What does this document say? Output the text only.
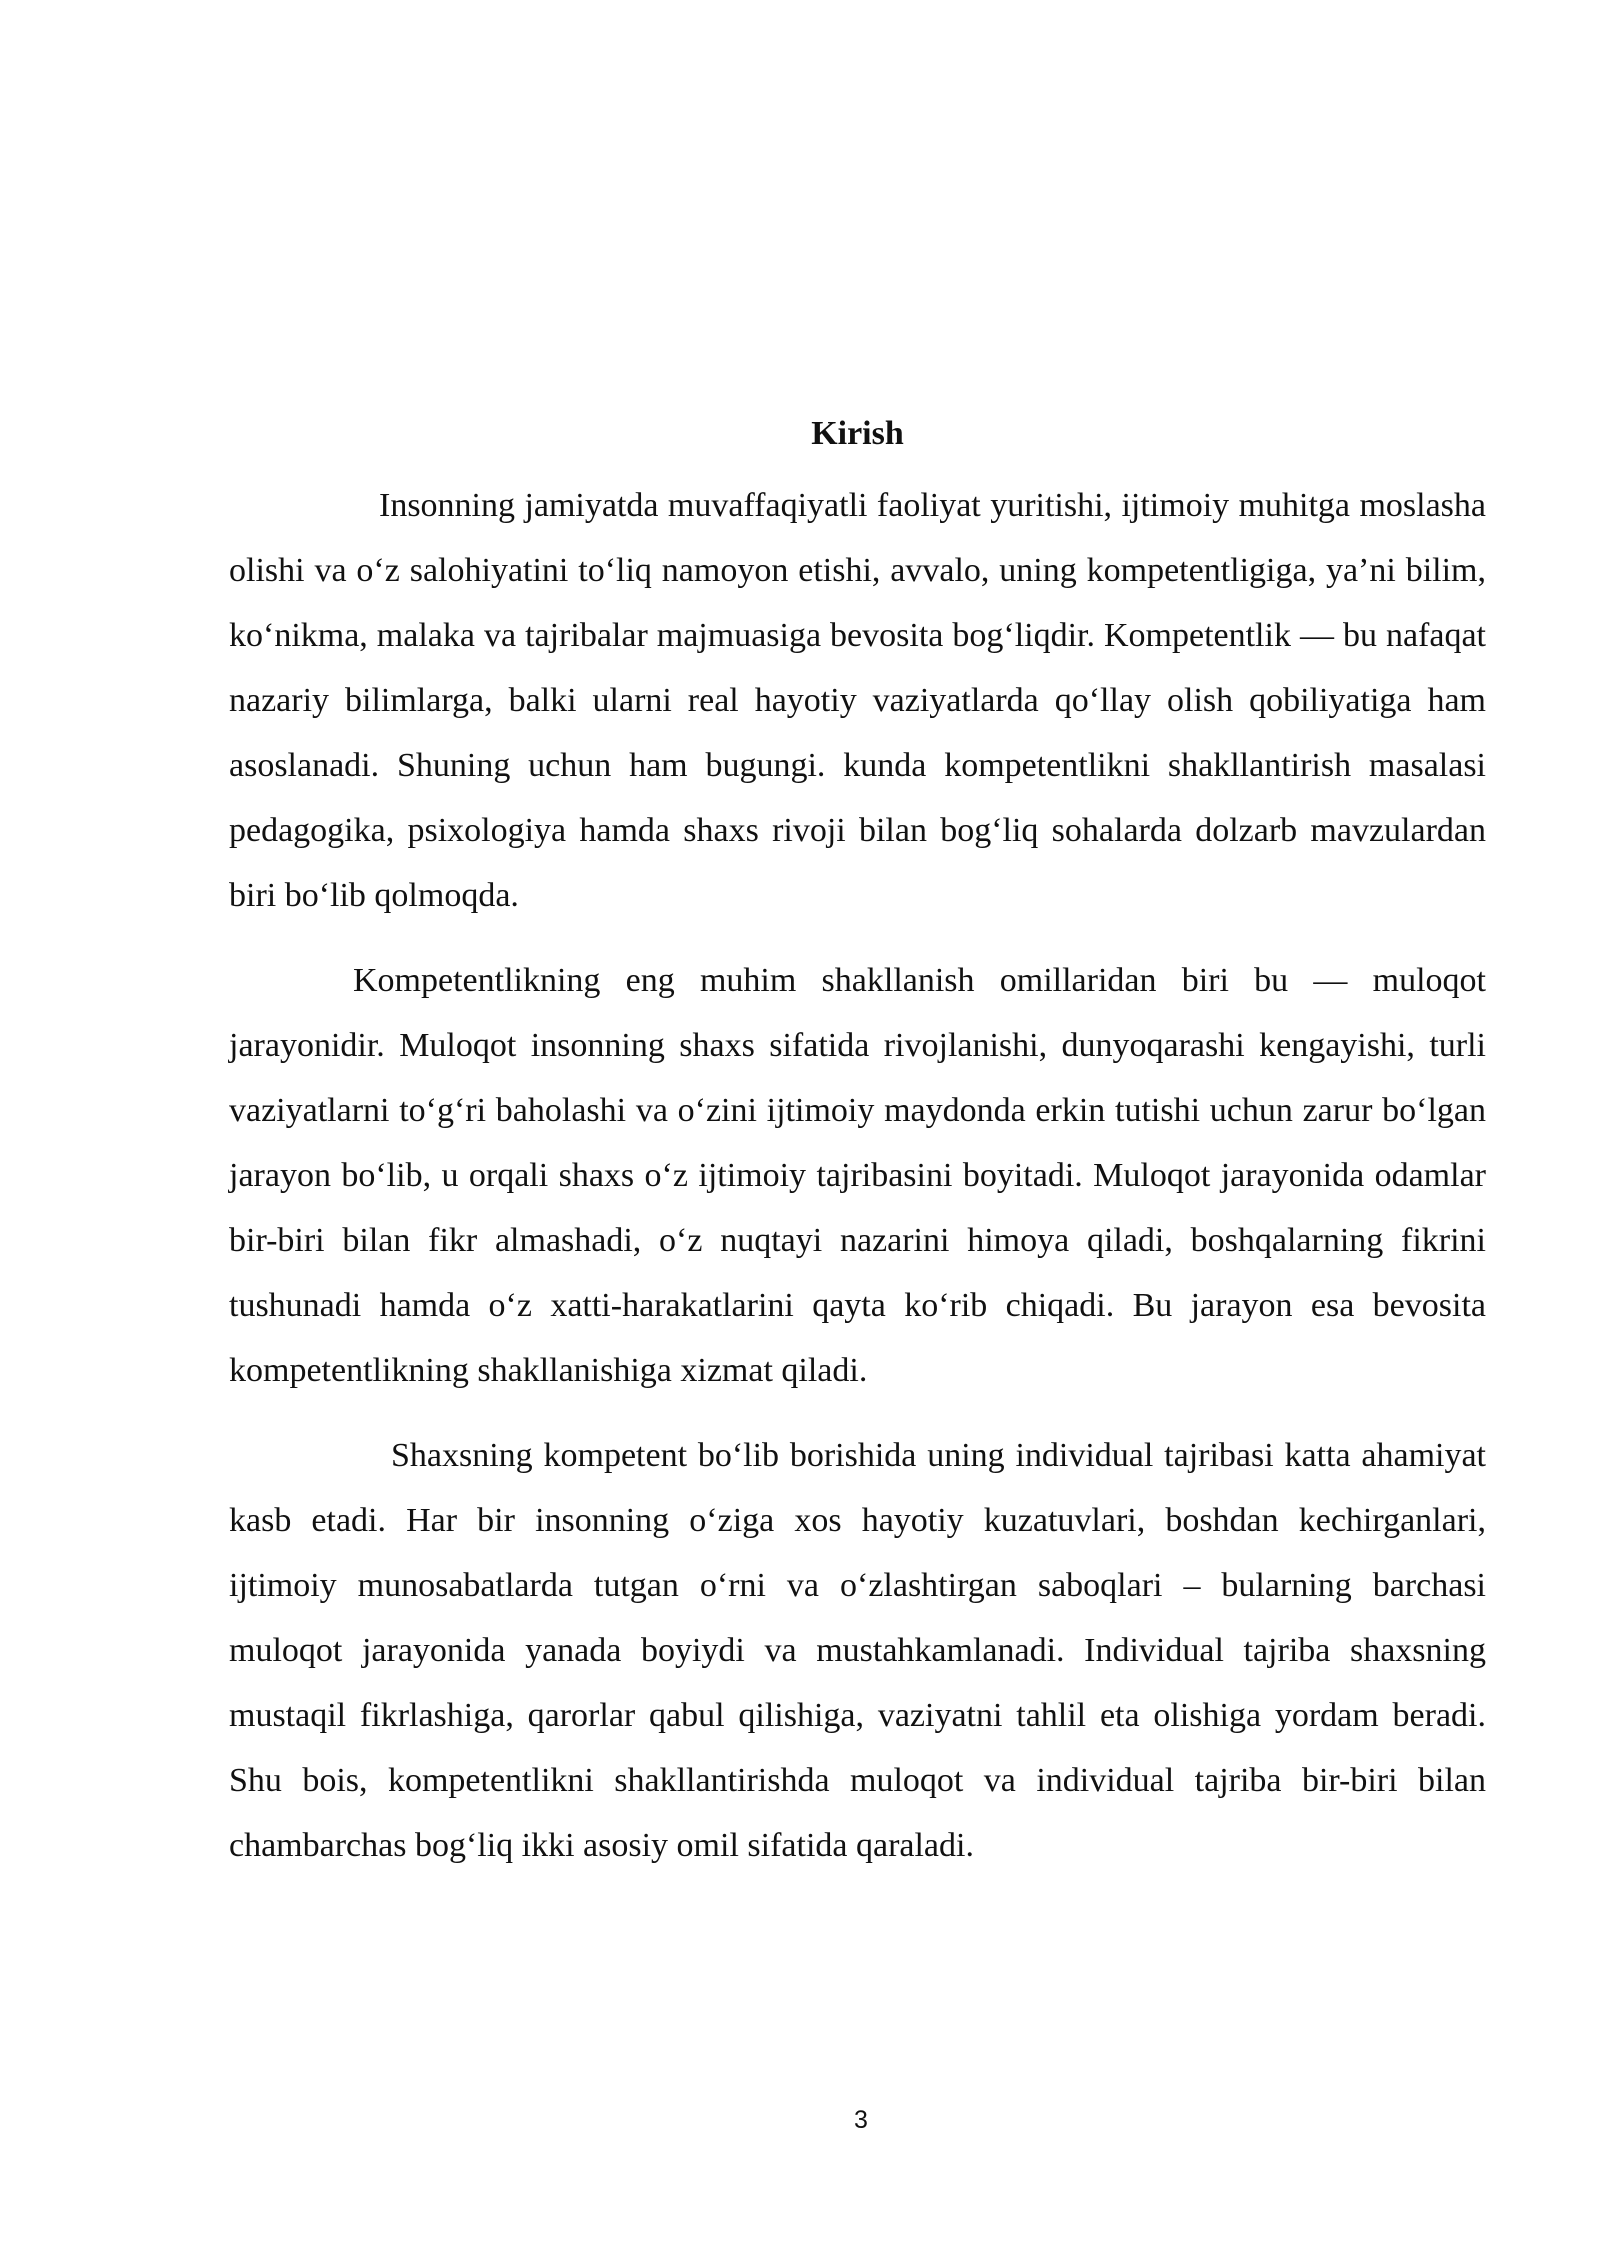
Kirish

Insonning jamiyatda muvaffaqiyatli faoliyat yuritishi, ijtimoiy muhitga moslasha olishi va o‘z salohiyatini to‘liq namoyon etishi, avvalo, uning kompetentligiga, ya’ni bilim, ko‘nikma, malaka va tajribalar majmuasiga bevosita bog‘liqdir. Kompetentlik — bu nafaqat nazariy bilimlarga, balki ularni real hayotiy vaziyatlarda qo‘llay olish qobiliyatiga ham asoslanadi. Shuning uchun ham bugungi. kunda kompetentlikni shakllantirish masalasi pedagogika, psixologiya hamda shaxs rivoji bilan bog‘liq sohalarda dolzarb mavzulardan biri bo‘lib qolmoqda.

Kompetentlikning eng muhim shakllanish omillaridan biri bu — muloqot jarayonidir. Muloqot insonning shaxs sifatida rivojlanishi, dunyoqarashi kengayishi, turli vaziyatlarni to‘g‘ri baholashi va o‘zini ijtimoiy maydonda erkin tutishi uchun zarur bo‘lgan jarayon bo‘lib, u orqali shaxs o‘z ijtimoiy tajribasini boyitadi. Muloqot jarayonida odamlar bir-biri bilan fikr almashadi, o‘z nuqtayi nazarini himoya qiladi, boshqalarning fikrini tushunadi hamda o‘z xatti-harakatlarini qayta ko‘rib chiqadi. Bu jarayon esa bevosita kompetentlikning shakllanishiga xizmat qiladi.

Shaxsning kompetent bo‘lib borishida uning individual tajribasi katta ahamiyat kasb etadi. Har bir insonning o‘ziga xos hayotiy kuzatuvlari, boshdan kechirganlari, ijtimoiy munosabatlarda tutgan o‘rni va o‘zlashtirgan saboqlari – bularning barchasi muloqot jarayonida yanada boyiydi va mustahkamlanadi. Individual tajriba shaxsning mustaqil fikrlashiga, qarorlar qabul qilishiga, vaziyatni tahlil eta olishiga yordam beradi. Shu bois, kompetentlikni shakllantirishda muloqot va individual tajriba bir-biri bilan chambarchas bog‘liq ikki asosiy omil sifatida qaraladi.

3
